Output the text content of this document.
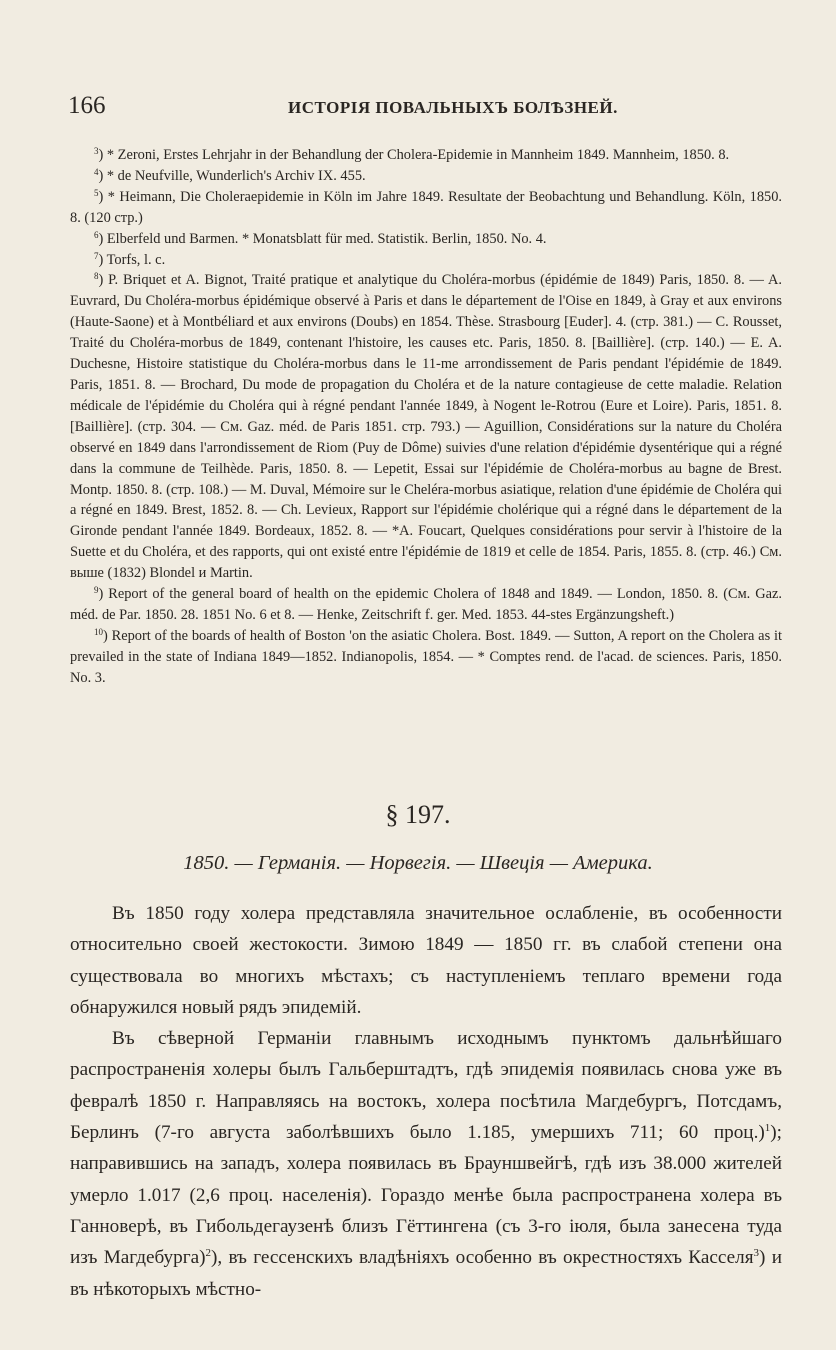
166	ИСТОРІЯ ПОВАЛЬНЫХЪ БОЛѢЗНЕЙ.

$^3$) * Zeroni, Erstes Lehrjahr in der Behandlung der Cholera-Epidemie in Mannheim 1849. Mannheim, 1850. 8.

$^4$) * de Neufville, Wunderlich's Archiv IX. 455.

$^5$) * Heimann, Die Choleraepidemie in Köln im Jahre 1849. Resultate der Beobachtung und Behandlung. Köln, 1850. 8. (120 стр.)

$^6$) Elberfeld und Barmen. * Monatsblatt für med. Statistik. Berlin, 1850. No. 4.

$^7$) Torfs, l. c.

$^8$) P. Briquet et A. Bignot, Traité pratique et analytique du Choléra-morbus (épidémie de 1849) Paris, 1850. 8. — A. Euvrard, Du Choléra-morbus épidémique observé à Paris et dans le département de l'Oise en 1849, à Gray et aux environs (Haute-Saone) et à Montbéliard et aux environs (Doubs) en 1854. Thèse. Strasbourg [Euder]. 4. (стр. 381.) — C. Rousset, Traité du Choléra-morbus de 1849, contenant l'histoire, les causes etc. Paris, 1850. 8. [Baillière]. (стр. 140.) — E. A. Duchesne, Histoire statistique du Choléra-morbus dans le 11-me arrondissement de Paris pendant l'épidémie de 1849. Paris, 1851. 8. — Brochard, Du mode de propagation du Choléra et de la nature contagieuse de cette maladie. Relation médicale de l'épidémie du Choléra qui à régné pendant l'année 1849, à Nogent le-Rotrou (Eure et Loire). Paris, 1851. 8. [Baillière]. (стр. 304. — См. Gaz. méd. de Paris 1851. стр. 793.) — Aguillion, Considérations sur la nature du Choléra observé en 1849 dans l'arrondissement de Riom (Puy de Dôme) suivies d'une relation d'épidémie dysentérique qui a régné dans la commune de Teilhède. Paris, 1850. 8. — Lepetit, Essai sur l'épidémie de Choléra-morbus au bagne de Brest. Montp. 1850. 8. (стр. 108.) — M. Duval, Mémoire sur le Cheléra-morbus asiatique, relation d'une épidémie de Choléra qui a régné en 1849. Brest, 1852. 8. — Ch. Levieux, Rapport sur l'épidémie cholérique qui a régné dans le département de la Gironde pendant l'année 1849. Bordeaux, 1852. 8. — *A. Foucart, Quelques considérations pour servir à l'histoire de la Suette et du Choléra, et des rapports, qui ont existé entre l'épidémie de 1819 et celle de 1854. Paris, 1855. 8. (стр. 46.) См. выше (1832) Blondel и Martin.

$^9$) Report of the general board of health on the epidemic Cholera of 1848 and 1849. — London, 1850. 8. (См. Gaz. méd. de Par. 1850. 28. 1851 No. 6 et 8. — Henke, Zeitschrift f. ger. Med. 1853. 44-stes Ergänzungsheft.)

$^{10}$) Report of the boards of health of Boston 'on the asiatic Cholera. Bost. 1849. — Sutton, A report on the Cholera as it prevailed in the state of Indiana 1849—1852. Indianopolis, 1854. — * Comptes rend. de l'acad. de sciences. Paris, 1850. No. 3.

§ 197.
1850. — Германія. — Норвегія. — Швеція — Америка.

Въ 1850 году холера представляла значительное ослабленіе, въ особенности относительно своей жестокости. Зимою 1849 — 1850 гг. въ слабой степени она существовала во многихъ мѣстахъ; съ наступленіемъ теплаго времени года обнаружился новый рядъ эпидемій.

Въ сѣверной Германіи главнымъ исходнымъ пунктомъ дальнѣйшаго распространенія холеры былъ Гальберштадтъ, гдѣ эпидемія появилась снова уже въ февралѣ 1850 г. Направляясь на востокъ, холера посѣтила Магдебургъ, Потсдамъ, Берлинъ (7-го августа заболѣвшихъ было 1.185, умершихъ 711; 60 проц.)$^1$); направившись на западъ, холера появилась въ Брауншвейгѣ, гдѣ изъ 38.000 жителей умерло 1.017 (2,6 проц. населенія). Гораздо менѣе была распространена холера въ Ганноверѣ, въ Гибольдегаузенѣ близъ Гёттингена (съ 3-го іюля, была занесена туда изъ Магдебурга)$^2$), въ гессенскихъ владѣніяхъ особенно въ окрестностяхъ Касселя$^3$) и въ нѣкоторыхъ мѣстно-
